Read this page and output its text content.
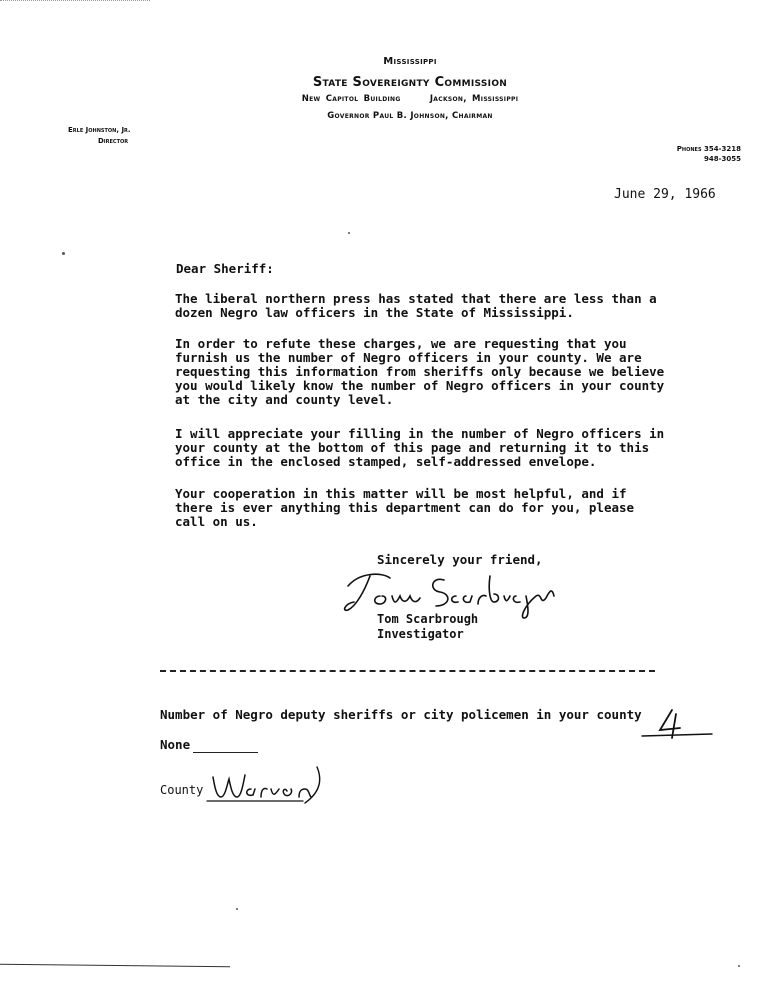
Mississippi
State Sovereignty Commission
New Capitol Building	Jackson, Mississippi
Governor Paul B. Johnson, Chairman
Erle Johnston, Jr.
Director
Phones 354-3218
948-3055
June 29, 1966
Dear Sheriff:

The liberal northern press has stated that there are less than a dozen Negro law officers in the State of Mississippi.

In order to refute these charges, we are requesting that you furnish us the number of Negro officers in your county. We are requesting this information from sheriffs only because we believe you would likely know the number of Negro officers in your county at the city and county level.

I will appreciate your filling in the number of Negro officers in your county at the bottom of this page and returning it to this office in the enclosed stamped, self-addressed envelope.

Your cooperation in this matter will be most helpful, and if there is ever anything this department can do for you, please call on us.

Sincerely your friend,
Tom Scarbrough
Investigator
Number of Negro deputy sheriffs or city policemen in your county
4
None
County
Warren
